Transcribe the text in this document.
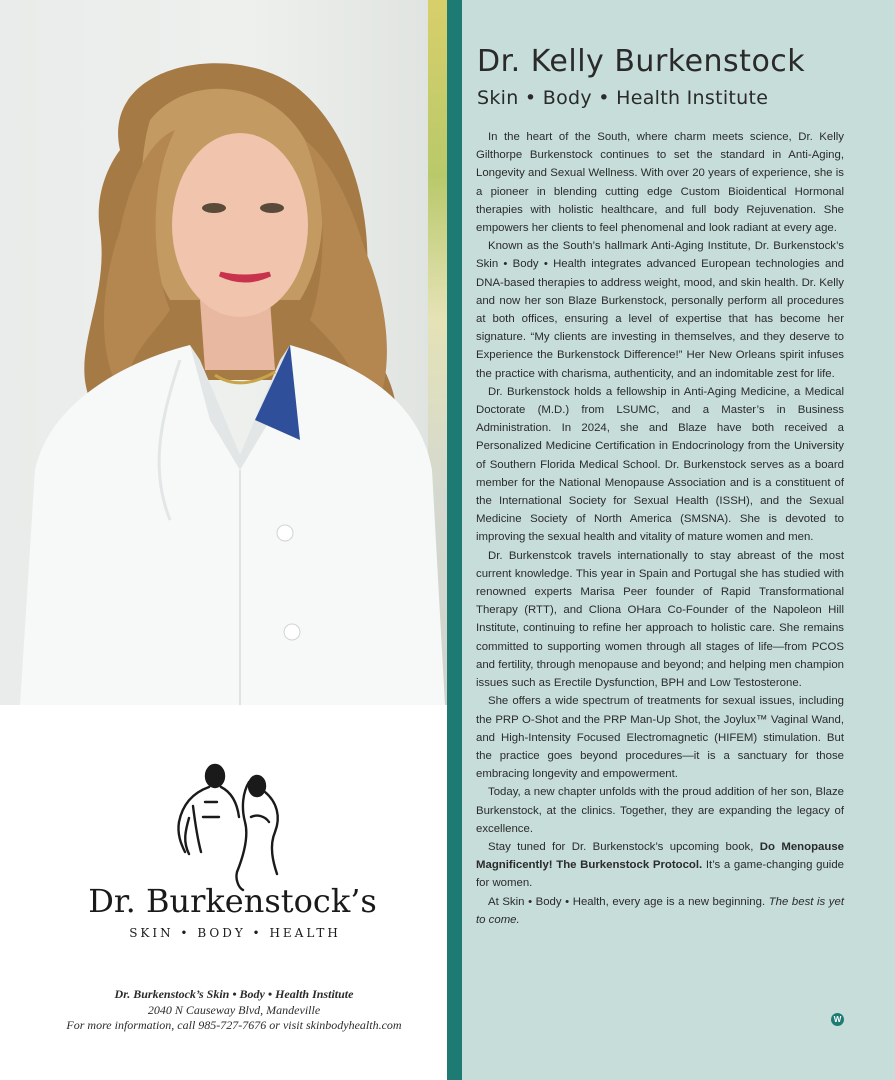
Dr. Kelly Burkenstock
Skin • Body • Health Institute

In the heart of the South, where charm meets science, Dr. Kelly Gilthorpe Burkenstock continues to set the standard in Anti-Aging, Longevity and Sexual Wellness. With over 20 years of experience, she is a pioneer in blending cutting edge Custom Bioidentical Hormonal therapies with holistic healthcare, and full body Rejuvenation. She empowers her clients to feel phenomenal and look radiant at every age.

Known as the South’s hallmark Anti-Aging Institute, Dr. Burkenstock’s Skin • Body • Health integrates advanced European technologies and DNA-based therapies to address weight, mood, and skin health. Dr. Kelly and now her son Blaze Burkenstock, personally perform all procedures at both offices, ensuring a level of expertise that has become her signature. “My clients are investing in themselves, and they deserve to Experience the Burkenstock Difference!” Her New Orleans spirit infuses the practice with charisma, authenticity, and an indomitable zest for life.

Dr. Burkenstock holds a fellowship in Anti-Aging Medicine, a Medical Doctorate (M.D.) from LSUMC, and a Master’s in Business Administration. In 2024, she and Blaze have both received a Personalized Medicine Certification in Endocrinology from the University of Southern Florida Medical School. Dr. Burkenstock serves as a board member for the National Menopause Association and is a constituent of the International Society for Sexual Health (ISSH), and the Sexual Medicine Society of North America (SMSNA). She is devoted to improving the sexual health and vitality of mature women and men.

Dr. Burkenstcok travels internationally to stay abreast of the most current knowledge. This year in Spain and Portugal she has studied with renowned experts Marisa Peer founder of Rapid Transformational Therapy (RTT), and Cliona OHara Co-Founder of the Napoleon Hill Institute, continuing to refine her approach to holistic care. She remains committed to supporting women through all stages of life—from PCOS and fertility, through menopause and beyond; and helping men champion issues such as Erectile Dysfunction, BPH and Low Testosterone.

She offers a wide spectrum of treatments for sexual issues, including the PRP O-Shot and the PRP Man-Up Shot, the Joylux™ Vaginal Wand, and High-Intensity Focused Electromagnetic (HIFEM) stimulation. But the practice goes beyond procedures—it is a sanctuary for those embracing longevity and empowerment.

Today, a new chapter unfolds with the proud addition of her son, Blaze Burkenstock, at the clinics. Together, they are expanding the legacy of excellence.

Stay tuned for Dr. Burkenstock’s upcoming book, Do Menopause Magnificently! The Burkenstock Protocol. It’s a game-changing guide for women.

At Skin • Body • Health, every age is a new beginning. The best is yet to come.

W
Dr. Burkenstock’s
SKIN • BODY • HEALTH
Dr. Burkenstock’s Skin • Body • Health Institute
2040 N Causeway Blvd, Mandeville
For more information, call 985-727-7676 or visit skinbodyhealth.com
